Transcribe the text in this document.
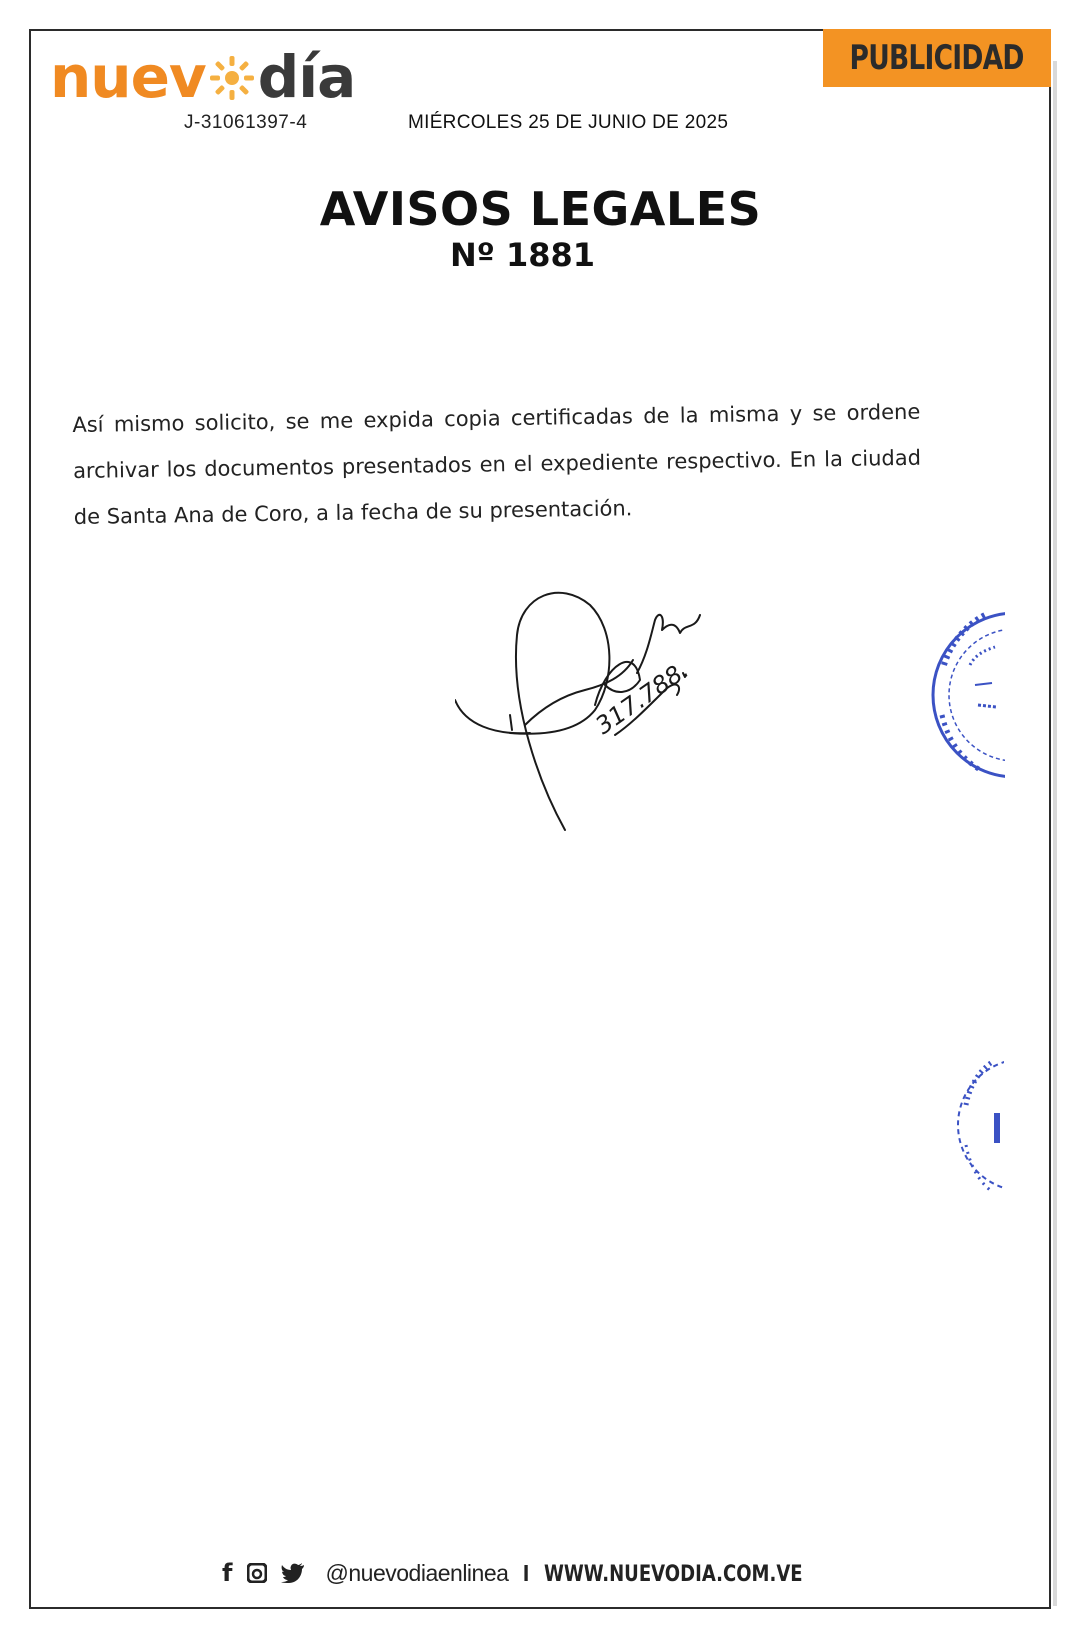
nuev día
J-31061397-4	MIÉRCOLES 25 DE JUNIO DE 2025
PUBLICIDAD
AVISOS LEGALES
Nº 1881
Así mismo solicito, se me expida copia certificadas de la misma y se ordene archivar los documentos presentados en el expediente respectivo. En la ciudad de Santa Ana de Coro, a la fecha de su presentación.
317.788.
f	@nuevodiaenlinea I WWW.NUEVODIA.COM.VE
